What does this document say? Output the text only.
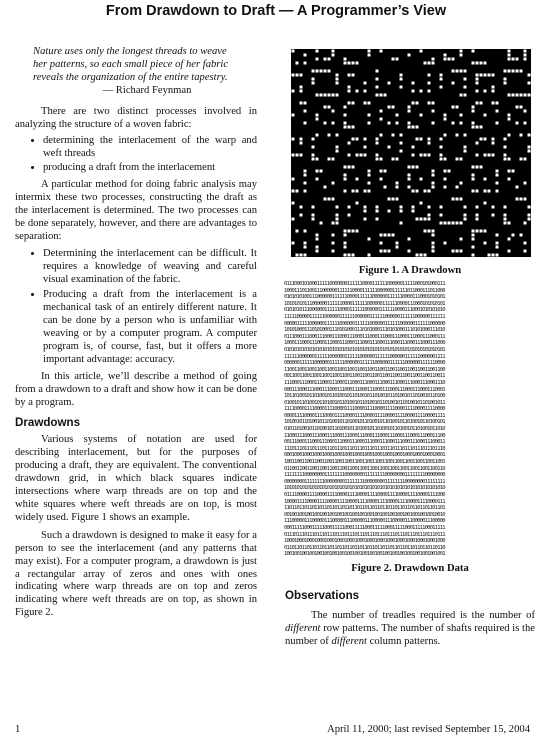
From Drawdown to Draft — A Programmer’s View
Nature uses only the longest threads to weave
her patterns, so each small piece of her fabric
reveals the organization of the entire tapestry.
— Richard Feynman

There are two distinct processes involved in analyzing the structure of a woven fabric:

• determining the interlacement of the warp and weft threads
• producing a draft from the interlacement

A particular method for doing fabric analysis may intermix these two processes, constructing the draft as the interlacement is determined. The two processes can be done separately, however, and there are advantages to separation:

• Determining the interlacement can be difficult. It requires a knowledge of weaving and careful visual examination of the fabric.
• Producing a draft from the interlacement is a mechanical task of an entirely different nature. It can be done by a person who is unfamiliar with weaving or by a computer program. A computer program is, of course, fast, but it offers a more important advantage: accuracy.

In this article, we’ll describe a method of going from a drawdown to a draft and show how it can be done by a program.

Drawdowns

Various systems of notation are used for describing interlacement, but for the purposes of producing a draft, they are equivalent. The conventional drawdown grid, in which black squares indicate intersections where warp threads are on top and the white squares where weft threads are on top, is most widely used. Figure 1 shows an example.

Such a drawdown is designed to make it easy for a person to see the interlacement (and any patterns that may exist). For a computer program, a drawdown is just a rectangular array of zeros and ones with ones indicating where warp threads are on top and zeros indicating where weft threads are on top, as shown in Figure 2.

Figure 1. A Drawdown
0111000101000111110000000111111000011111100000011111000101000111
1000111011001110000001111110000111111000000111111011000111011000
0101010100111000000111111000011111100000011111100001110001010101
1010101011100000011111100001111110000001111110000111000101010101
0101010111000000111111000011111100000011111100001110001010101010
1111100000111111000000111111000000111111000000111111000000111111
0000011111000000111111000000111111000000111111000000111111000000
1010100011101010001110101000111010100011101010001110101000111010
0111000111000111000111000111000111000111000111000111000111000111
1000111000111000111000111000111000111000111000111000111000111000
0101010101010101010101010101010101010101010101010101010101010101
1111110000001111110000001111110000001111110000001111110000001111
0000001111110000001111110000001111110000001111110000001111110000
1100110011001100110011001100110011001100110011001100110011001100
0011001100110011001100110011001100110011001100110011001100110011
1110001110001110001110001110001110001110001110001110001110001110
0001110001110001110001110001110001110001110001110001110001110001
1011010010110100101101001011010010110100101101001011010010110100
0100101101001011010010110100101101001011010010110100101101001011
1111000011110000111100001111000011110000111100001111000011110000
0000111100001111000011110000111100001111000011110000111100001111
1010010110100101101001011010010110100101101001011010010110100101
0101101001011010010110100101101001011010010110100101101001011010
1100011100011100011100011100011100011100011100011100011100011100
0011100011100011100011100011100011100011100011100011100011100011
1110111011101110111011101110111011101110111011101110111011101110
0001000100010001000100010001000100010001000100010001000100010001
1001100110011001100110011001100110011001100110011001100110011001
0110011001100110011001100110011001100110011001100110011001100110
1111111100000000111111110000000011111111000000001111111100000000
0000000011111111000000001111111100000000111111110000000011111111
1010101010101010101010101010101010101010101010101010101010101010
0111100001111000011110000111100001111000011110000111100001111000
1000011110000111100001111000011110000111100001111000011110000111
1101101101101101101101101101101101101101101101101101101101101101
0010010010010010010010010010010010010010010010010010010010010010
1110000011100000111000001110000011100000111000001110000011100000
0001111100011111000111110001111100011111000111110001111100011111
0111011101110111011101110111011101110111011101110111011101110111
1000100010001000100010001000100010001000100010001000100010001000
0110110110110110110110110110110110110110110110110110110110110110
1001001001001001001001001001001001001001001001001001001001001001
Figure 2. Drawdown Data
Observations
The number of treadles required is the number of different row patterns. The number of shafts required is the number of different column patterns.
1	April 11, 2000; last revised September 15, 2004
